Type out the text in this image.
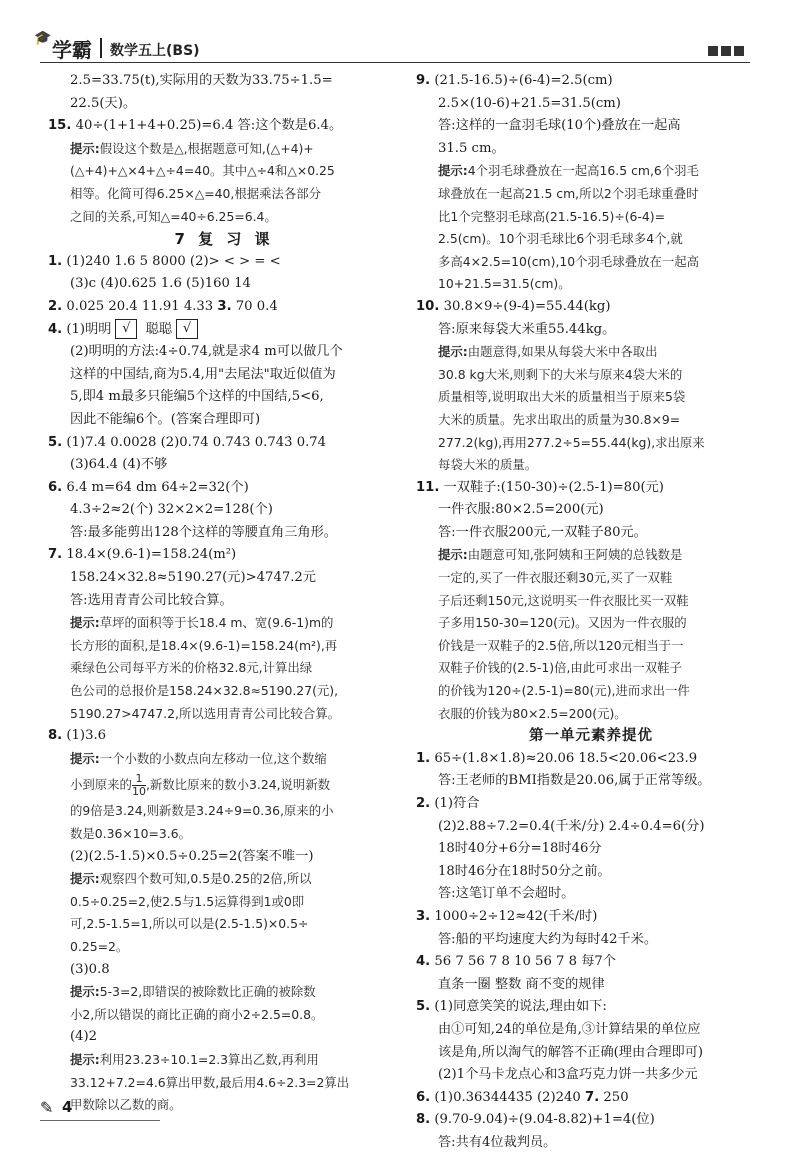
🎓 学霸 数学五上(BS)
2.5=33.75(t),实际用的天数为33.75÷1.5=
22.5(天)。
15. 40÷(1+1+4+0.25)=6.4 答:这个数是6.4。
提示:假设这个数是△,根据题意可知,(△+4)+
(△+4)+△×4+△÷4=40。其中△÷4和△×0.25
相等。化简可得6.25×△=40,根据乘法各部分
之间的关系,可知△=40÷6.25=6.4。
7 复 习 课
1. (1)240 1.6 5 8000 (2)> < > = <
(3)c (4)0.625 1.6 (5)160 14
2. 0.025 20.4 11.91 4.33 3. 70 0.4
4. (1)明明 √ 聪聪 √
(2)明明的方法:4÷0.74,就是求4 m可以做几个
这样的中国结,商为5.4,用"去尾法"取近似值为
5,即4 m最多只能编5个这样的中国结,5<6,
因此不能编6个。(答案合理即可)
5. (1)7.4 0.0028 (2)0.74 0.743 0.74̇3̇ 0.7̇4̇
(3)64.4 (4)不够
6. 6.4 m=64 dm 64÷2=32(个)
4.3÷2≈2(个) 32×2×2=128(个)
答:最多能剪出128个这样的等腰直角三角形。
7. 18.4×(9.6-1)=158.24(m²)
158.24×32.8≈5190.27(元)>4747.2元
答:选用青青公司比较合算。
提示:草坪的面积等于长18.4 m、宽(9.6-1)m的
长方形的面积,是18.4×(9.6-1)=158.24(m²),再
乘绿色公司每平方米的价格32.8元,计算出绿
色公司的总报价是158.24×32.8≈5190.27(元),
5190.27>4747.2,所以选用青青公司比较合算。
8. (1)3.6
提示:一个小数的小数点向左移动一位,这个数缩
小到原来的$\frac{1}{10}$ ,新数比原来的数小3.24,说明新数
的9倍是3.24,则新数是3.24÷9=0.36,原来的小
数是0.36×10=3.6。
(2)(2.5-1.5)×0.5÷0.25=2(答案不唯一)
提示:观察四个数可知,0.5是0.25的2倍,所以
0.5÷0.25=2,使2.5与1.5运算得到1或0即
可,2.5-1.5=1,所以可以是(2.5-1.5)×0.5÷
0.25=2。
(3)0.8
提示:5-3=2,即错误的被除数比正确的被除数
小2,所以错误的商比正确的商小2÷2.5=0.8。
(4)2
提示:利用23.23÷10.1=2.3算出乙数,再利用
33.12+7.2=4.6算出甲数,最后用4.6÷2.3=2算出
甲数除以乙数的商。
9. (21.5-16.5)÷(6-4)=2.5(cm)
2.5×(10-6)+21.5=31.5(cm)
答:这样的一盒羽毛球(10个)叠放在一起高
31.5 cm。
提示:4个羽毛球叠放在一起高16.5 cm,6个羽毛
球叠放在一起高21.5 cm,所以2个羽毛球重叠时
比1个完整羽毛球高(21.5-16.5)÷(6-4)=
2.5(cm)。10个羽毛球比6个羽毛球多4个,就
多高4×2.5=10(cm),10个羽毛球叠放在一起高
10+21.5=31.5(cm)。
10. 30.8×9÷(9-4)=55.44(kg)
答:原来每袋大米重55.44kg。
提示:由题意得,如果从每袋大米中各取出
30.8 kg大米,则剩下的大米与原来4袋大米的
质量相等,说明取出大米的质量相当于原来5袋
大米的质量。先求出取出的质量为30.8×9=
277.2(kg),再用277.2÷5=55.44(kg),求出原来
每袋大米的质量。
11. 一双鞋子:(150-30)÷(2.5-1)=80(元)
一件衣服:80×2.5=200(元)
答:一件衣服200元,一双鞋子80元。
提示:由题意可知,张阿姨和王阿姨的总钱数是
一定的,买了一件衣服还剩30元,买了一双鞋
子后还剩150元,这说明买一件衣服比买一双鞋
子多用150-30=120(元)。又因为一件衣服的
价钱是一双鞋子的2.5倍,所以120元相当于一
双鞋子价钱的(2.5-1)倍,由此可求出一双鞋子
的价钱为120÷(2.5-1)=80(元),进而求出一件
衣服的价钱为80×2.5=200(元)。
第一单元素养提优
1. 65÷(1.8×1.8)≈20.06 18.5<20.06<23.9
答:王老师的BMI指数是20.06,属于正常等级。
2. (1)符合
(2)2.88÷7.2=0.4(千米/分) 2.4÷0.4=6(分)
18时40分+6分=18时46分
18时46分在18时50分之前。
答:这笔订单不会超时。
3. 1000÷2÷12≈42(千米/时)
答:船的平均速度大约为每时42千米。
4. 56 7 56 7 8 10 56 7 8 每7个
直条一圈 整数 商不变的规律
5. (1)同意笑笑的说法,理由如下:
由①可知,24的单位是角,③计算结果的单位应
该是角,所以淘气的解答不正确(理由合理即可)
(2)1个马卡龙点心和3盒巧克力饼一共多少元
6. (1)0.3634443̇5̇ (2)240 7. 250
8. (9.70-9.04)÷(9.04-8.82)+1=4(位)
答:共有4位裁判员。
✎ 4
